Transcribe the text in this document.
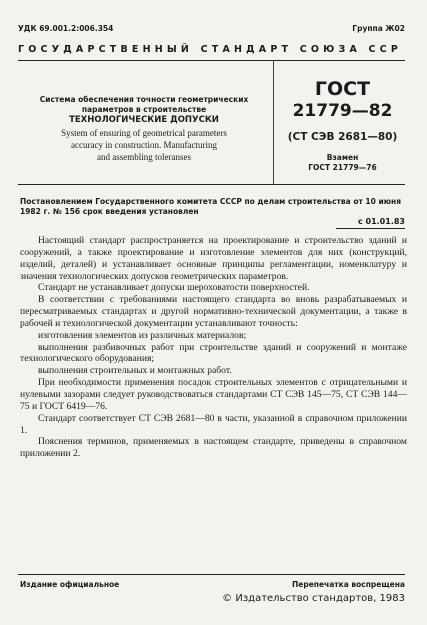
УДК 69.001.2:006.354	Группа Ж02
ГОСУДАРСТВЕННЫЙ СТАНДАРТ СОЮЗА ССР
Система обеспечения точности геометрических
параметров в строительстве
ТЕХНОЛОГИЧЕСКИЕ ДОПУСКИ
System of ensuring of geometrical parameters
accuracy in construction. Manufacturing
and assembling toleranses
ГОСТ
21779—82
(СТ СЭВ 2681—80)
Взамен
ГОСТ 21779—76
Постановлением Государственного комитета СССР по делам строительства от 10 июня 1982 г. № 156 срок введения установлен
с 01.01.83

Настоящий стандарт распространяется на проектирование и строительство зданий и сооружений, а также проектирование и изготовление элементов для них (конструкций, изделий, деталей) и устанавливает основные принципы регламентации, номенклатуру и значения технологических допусков геометрических параметров.

Стандарт не устанавливает допуски шероховатости поверхностей.

В соответствии с требованиями настоящего стандарта во вновь разрабатываемых и пересматриваемых стандартах и другой нормативно-технической документации, а также в рабочей и технологической документации устанавливают точность:

изготовления элементов из различных материалов;

выполнения разбивочных работ при строительстве зданий и сооружений и монтаже технологического оборудования;

выполнения строительных и монтажных работ.

При необходимости применения посадок строительных элементов с отрицательными и нулевыми зазорами следует руководствоваться стандартами СТ СЭВ 145—75, СТ СЭВ 144—75 и ГОСТ 6419—76.

Стандарт соответствует СТ СЭВ 2681—80 в части, указанной в справочном приложении 1.

Пояснения терминов, применяемых в настоящем стандарте, приведены в справочном приложении 2.

Издание официальное	Перепечатка воспрещена
© Издательство стандартов, 1983
